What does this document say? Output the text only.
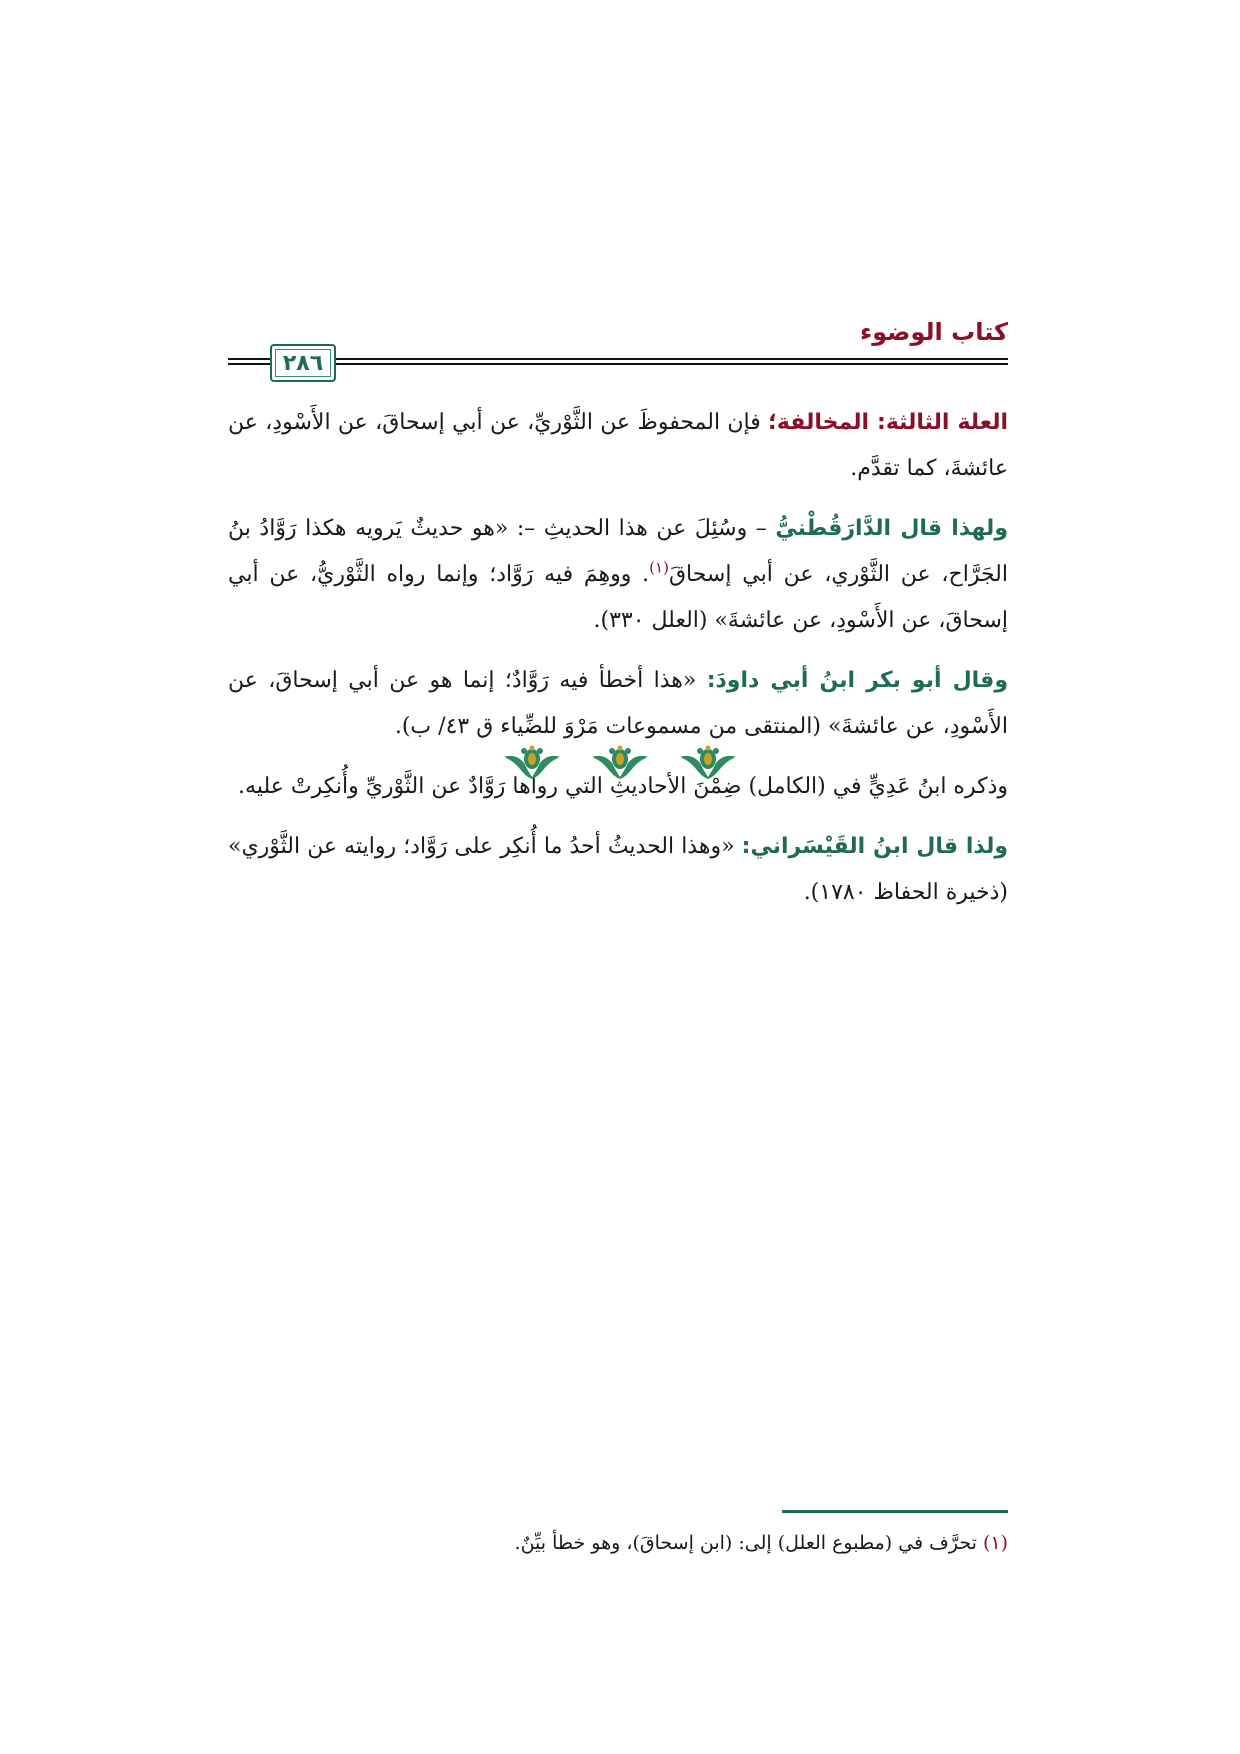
كتاب الوضوء
٢٨٦

العلة الثالثة: المخالفة؛ فإن المحفوظَ عن الثَّوْريِّ، عن أبي إسحاقَ، عن الأَسْودِ، عن عائشةَ، كما تقدَّم.

ولهذا قال الدَّارَقُطْنيُّ – وسُئِلَ عن هذا الحديثِ –: «هو حديثٌ يَرويه هكذا رَوَّادُ بنُ الجَرَّاح، عن الثَّوْري، عن أبي إسحاقَ$^{(١)}$. ووهِمَ فيه رَوَّاد؛ وإنما رواه الثَّوْريُّ، عن أبي إسحاقَ، عن الأَسْودِ، عن عائشةَ» (العلل ٣٣٠).

وقال أبو بكر ابنُ أبي داودَ: «هذا أخطأ فيه رَوَّادٌ؛ إنما هو عن أبي إسحاقَ، عن الأَسْودِ، عن عائشةَ» (المنتقى من مسموعات مَرْوَ للضِّياء ق ٤٣/ ب).

وذكره ابنُ عَدِيٍّ في (الكامل) ضِمْنَ الأحاديثِ التي رواها رَوَّادٌ عن الثَّوْريِّ وأُنكِرتْ عليه.

ولذا قال ابنُ القَيْسَراني: «وهذا الحديثُ أحدُ ما أُنكِر على رَوَّاد؛ روايته عن الثَّوْري» (ذخيرة الحفاظ ١٧٨٠).

(١) تحرَّف في (مطبوع العلل) إلى: (ابن إسحاقَ)، وهو خطأ بيِّنٌ.
